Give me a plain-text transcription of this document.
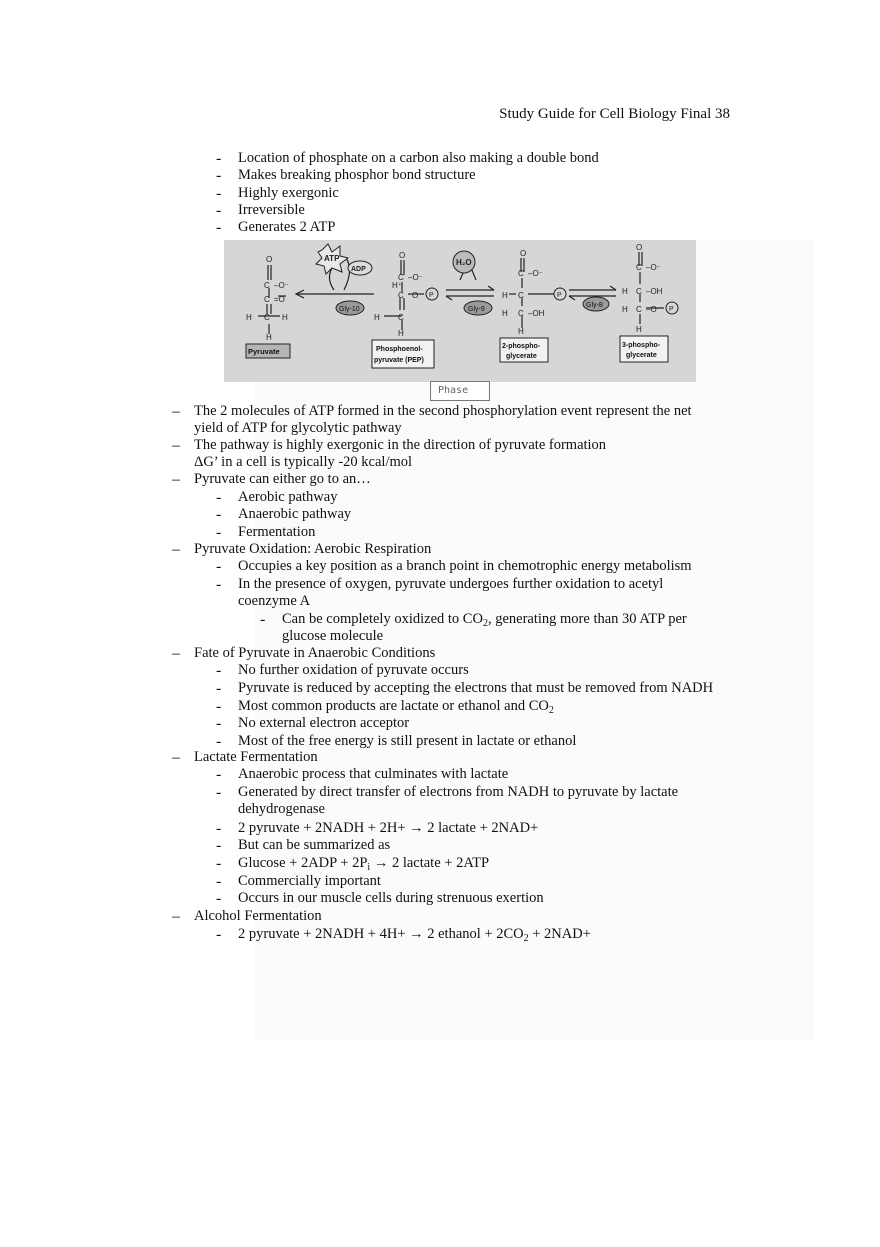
Study Guide for Cell Biology Final 38
- Location of phosphate on a carbon also making a double bond
- Makes breaking phosphor bond structure
- Highly exergonic
- Irreversible
- Generates 2 ATP
O
C –O⁻
C =O
H C H
H
O
C –O⁻
C O
H C
H
H⁺
O
C –O⁻
H C
H C –OH
H
O
C –O⁻
H C –OH
H C –O
H
P	P
P
ATP
ADP
H₂O
Gly-10	Gly-9
Gly-8
Pyruvate	Phosphoenol-
pyruvate (PEP)
2-phospho-
glycerate
3-phospho-
glycerate
Phase
– The 2 molecules of ATP formed in the second phosphorylation event represent the net
yield of ATP for glycolytic pathway
– The pathway is highly exergonic in the direction of pyruvate formation
ΔG’ in a cell is typically -20 kcal/mol
– Pyruvate can either go to an…
- Aerobic pathway
- Anaerobic pathway
- Fermentation
– Pyruvate Oxidation: Aerobic Respiration
- Occupies a key position as a branch point in chemotrophic energy metabolism
- In the presence of oxygen, pyruvate undergoes further oxidation to acetyl
coenzyme A
- Can be completely oxidized to $CO_2$, generating more than 30 ATP per
glucose molecule
– Fate of Pyruvate in Anaerobic Conditions
- No further oxidation of pyruvate occurs
- Pyruvate is reduced by accepting the electrons that must be removed from NADH
- Most common products are lactate or ethanol and $CO_2$
- No external electron acceptor
- Most of the free energy is still present in lactate or ethanol
– Lactate Fermentation
- Anaerobic process that culminates with lactate
- Generated by direct transfer of electrons from NADH to pyruvate by lactate
dehydrogenase
- 2 pyruvate + 2NADH + 2H+ → 2 lactate + 2NAD+
- But can be summarized as
- $Glucose + 2ADP + 2P_i \to 2$ lactate + 2ATP
- Commercially important
- Occurs in our muscle cells during strenuous exertion
– Alcohol Fermentation
- 2 pyruvate + 2NADH + 4H+ → 2 ethanol + $2CO_2 + 2NAD+$
